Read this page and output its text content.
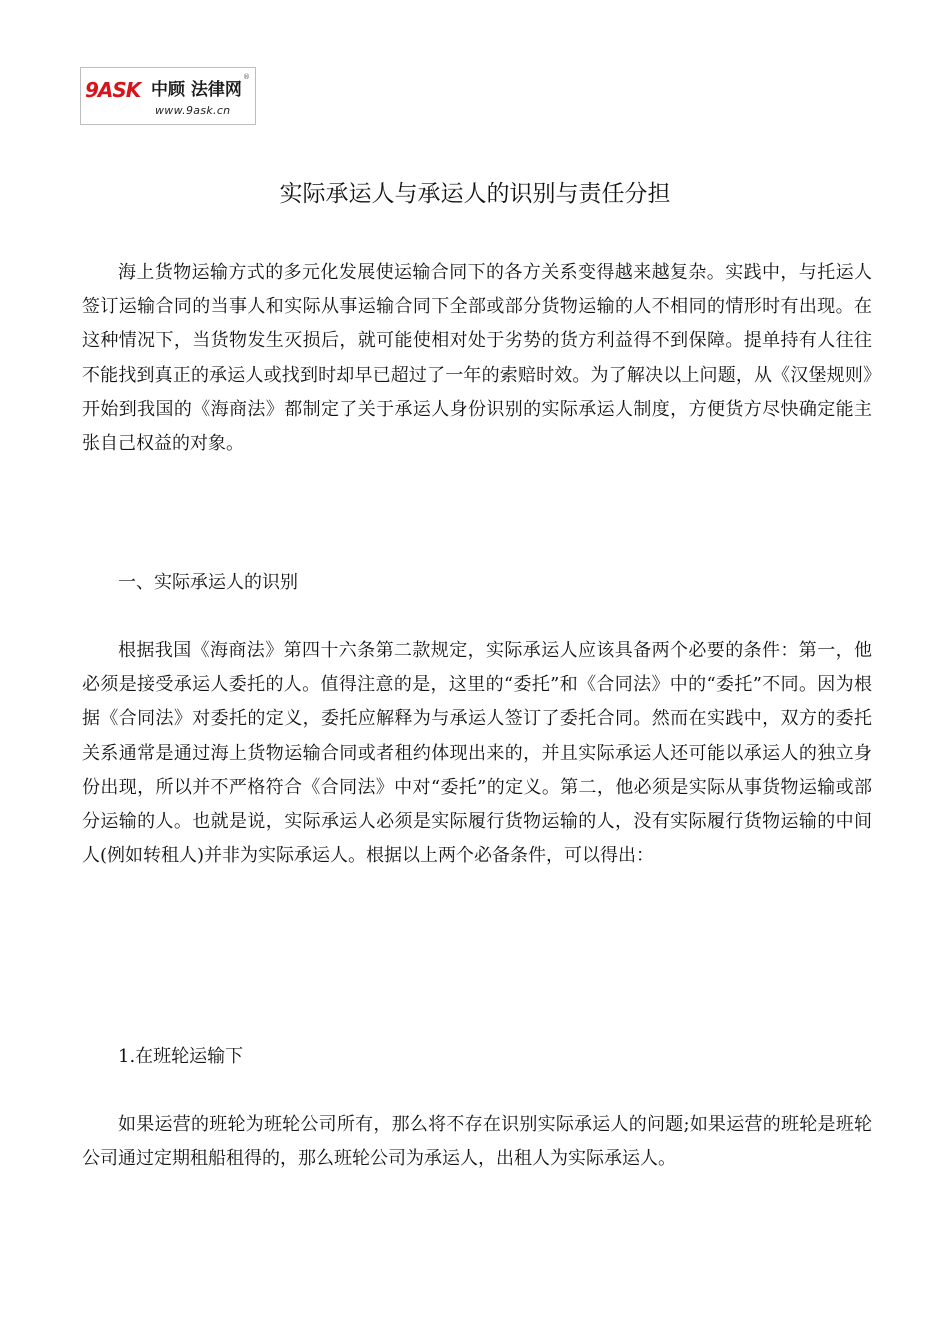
9ASK 中顾 法律网
®
www.9ask.cn
实际承运人与承运人的识别与责任分担

海上货物运输方式的多元化发展使运输合同下的各方关系变得越来越复杂。实践中，与托运人签订运输合同的当事人和实际从事运输合同下全部或部分货物运输的人不相同的情形时有出现。在这种情况下，当货物发生灭损后，就可能使相对处于劣势的货方利益得不到保障。提单持有人往往不能找到真正的承运人或找到时却早已超过了一年的索赔时效。为了解决以上问题，从《汉堡规则》开始到我国的《海商法》都制定了关于承运人身份识别的实际承运人制度，方便货方尽快确定能主张自己权益的对象。

一、实际承运人的识别

根据我国《海商法》第四十六条第二款规定，实际承运人应该具备两个必要的条件：第一，他必须是接受承运人委托的人。值得注意的是，这里的“委托”和《合同法》中的“委托”不同。因为根据《合同法》对委托的定义，委托应解释为与承运人签订了委托合同。然而在实践中，双方的委托关系通常是通过海上货物运输合同或者租约体现出来的，并且实际承运人还可能以承运人的独立身份出现，所以并不严格符合《合同法》中对“委托”的定义。第二，他必须是实际从事货物运输或部分运输的人。也就是说，实际承运人必须是实际履行货物运输的人，没有实际履行货物运输的中间人(例如转租人)并非为实际承运人。根据以上两个必备条件，可以得出：

1.在班轮运输下

如果运营的班轮为班轮公司所有，那么将不存在识别实际承运人的问题;如果运营的班轮是班轮公司通过定期租船租得的，那么班轮公司为承运人，出租人为实际承运人。
